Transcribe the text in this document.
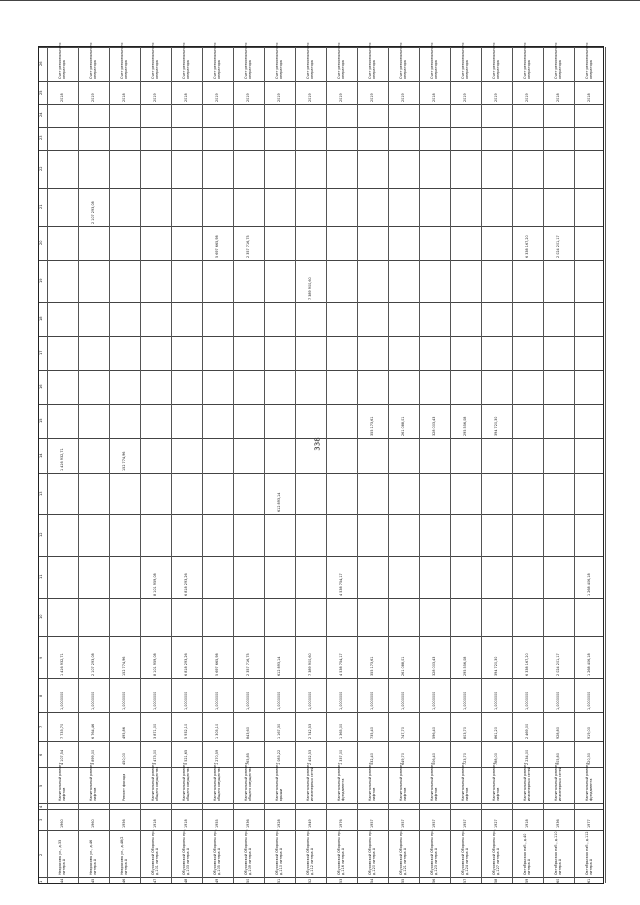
338
1
2
3
4
5
6
7
8
9
10
11
12
13
14
15
16
17
18
19
20
21
22
23
24
25
26
44
Некрасова ул., д.33 литера А
1960
Капитальный ремонт лифтов
4 107,54
7 733,70
1,0000000
1 416 932,71
1 416 932,71
2018
Счет регионального оператора
45
Некрасова ул., д.46 литера А
1960
Капитальный ремонт лифтов
3 899,00
6 764,46
1,0000000
2 107 293,08
2 107 293,08
2019
Счет регионального оператора
46
Некрасова ул., д.48/2 литера А
1956
Ремонт фасада
450,00
495,86
1,0000000
152 774,96
152 774,96
2018
Счет регионального оператора
47
Обуховской Обороны пр., д.101 литера А
1918
Капитальный ремонт общего имущества
3 473,00
3 871,00
1,0000000
8 101 959,08
8 101 959,08
2019
Счет регионального оператора
48
Обуховской Обороны пр., д.103 литера А
1918
Капитальный ремонт общего имущества
5 521,65
5 932,10
1,0000000
6 818 293,26
6 818 293,26
2018
Счет регионального оператора
49
Обуховской Обороны пр., д.105 литера А
1955
Капитальный ремонт общего имущества
1 270,59
1 305,10
1,0000000
5 697 665,98
5 697 665,98
2019
Счет регионального оператора
50
Обуховской Обороны пр., д.109 литера А
1936
Капитальный ремонт общего имущества
765,85
843,60
1,0000000
2 357 716,75
2 357 716,75
2019
Счет регионального оператора
51
Обуховской Обороны пр., д.110 литера А
1928
Капитальный ремонт крыши
1 083,22
1 167,30
1,0000000
612 893,14
612 893,14
2019
Счет регионального оператора
52
Обуховской Обороны пр., д.112 литера А
1949
Капитальный ремонт инженерных сетей
2 452,53
2 742,53
1,0000000
7 389 900,60
7 389 900,60
2019
Счет регионального оператора
53
Обуховской Обороны пр., д.116 литера А
1976
Капитальный ремонт фундамента
1 337,00
1 365,00
1,0000000
4 538 754,17
4 538 754,17
2019
Счет регионального оператора
54
Обуховской Обороны пр., д.120 литера А
1957
Капитальный ремонт лифтов
532,40
735,40
1,0000000
355 173,61
355 173,61
2019
Счет регионального оператора
55
Обуховской Обороны пр., д.121 литера А
1957
Капитальный ремонт лифтов
649,70
747,70
1,0000000
261 088,01
261 088,01
2019
Счет регионального оператора
56
Обуховской Обороны пр., д.123 литера А
1957
Капитальный ремонт лифтов
506,40
596,40
1,0000000
328 003,43
328 003,43
2018
Счет регионального оператора
57
Обуховской Обороны пр., д.124 литера А
1957
Капитальный ремонт лифтов
723,70
803,70
1,0000000
295 556,08
295 556,08
2019
Счет регионального оператора
58
Обуховской Обороны пр., д.127 литера А
1927
Капитальный ремонт лифтов
788,00
861,20
1,0000000
394 720,30
394 720,30
2019
Счет регионального оператора
59
Октябрьская наб., д.40 литера А
1918
Капитальный ремонт инженерных сетей
2 234,00
2 469,00
1,0000000
6 338 167,20
6 338 167,20
2019
Счет регионального оператора
60
Октябрьская наб., д.110 литера А
1936
Капитальный ремонт инженерных сетей
905,80
928,80
1,0000000
2 024 201,17
2 024 201,17
2018
Счет регионального оператора
61
Октябрьская наб., д.112 литера А
1977
Капитальный ремонт фундамента
920,30
919,00
1,0000000
1 268 406,18
1 268 406,18
2018
Счет регионального оператора
